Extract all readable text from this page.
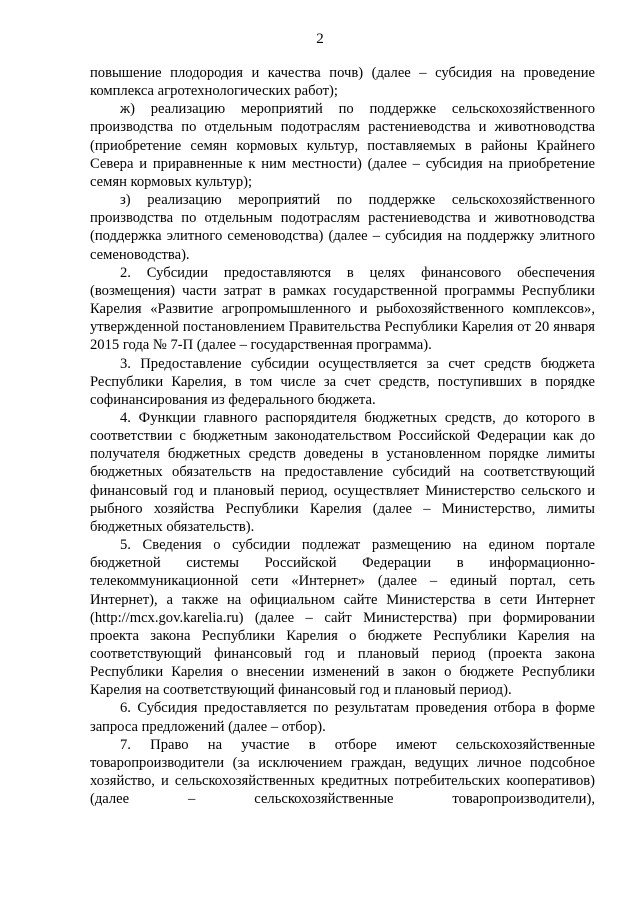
2

повышение плодородия и качества почв) (далее – субсидия на проведение комплекса агротехнологических работ);

ж) реализацию мероприятий по поддержке сельскохозяйственного производства по отдельным подотраслям растениеводства и животноводства (приобретение семян кормовых культур, поставляемых в районы Крайнего Севера и приравненные к ним местности) (далее – субсидия на приобретение семян кормовых культур);

з) реализацию мероприятий по поддержке сельскохозяйственного производства по отдельным подотраслям растениеводства и животноводства (поддержка элитного семеноводства) (далее – субсидия на поддержку элитного семеноводства).

2. Субсидии предоставляются в целях финансового обеспечения (возмещения) части затрат в рамках государственной программы Республики Карелия «Развитие агропромышленного и рыбохозяйственного комплексов», утвержденной постановлением Правительства Республики Карелия от 20 января 2015 года № 7-П (далее – государственная программа).

3. Предоставление субсидии осуществляется за счет средств бюджета Республики Карелия, в том числе за счет средств, поступивших в порядке софинансирования из федерального бюджета.

4. Функции главного распорядителя бюджетных средств, до которого в соответствии с бюджетным законодательством Российской Федерации как до получателя бюджетных средств доведены в установленном порядке лимиты бюджетных обязательств на предоставление субсидий на соответствующий финансовый год и плановый период, осуществляет Министерство сельского и рыбного хозяйства Республики Карелия (далее – Министерство, лимиты бюджетных обязательств).

5. Сведения о субсидии подлежат размещению на едином портале бюджетной системы Российской Федерации в информационно-телекоммуникационной сети «Интернет» (далее – единый портал, сеть Интернет), а также на официальном сайте Министерства в сети Интернет (http://mcx.gov.karelia.ru) (далее – сайт Министерства) при формировании проекта закона Республики Карелия о бюджете Республики Карелия на соответствующий финансовый год и плановый период (проекта закона Республики Карелия о внесении изменений в закон о бюджете Республики Карелия на соответствующий финансовый год и плановый период).

6. Субсидия предоставляется по результатам проведения отбора в форме запроса предложений (далее – отбор).

7. Право на участие в отборе имеют сельскохозяйственные товаропроизводители (за исключением граждан, ведущих личное подсобное хозяйство, и сельскохозяйственных кредитных потребительских кооперативов) (далее – сельскохозяйственные товаропроизводители),
